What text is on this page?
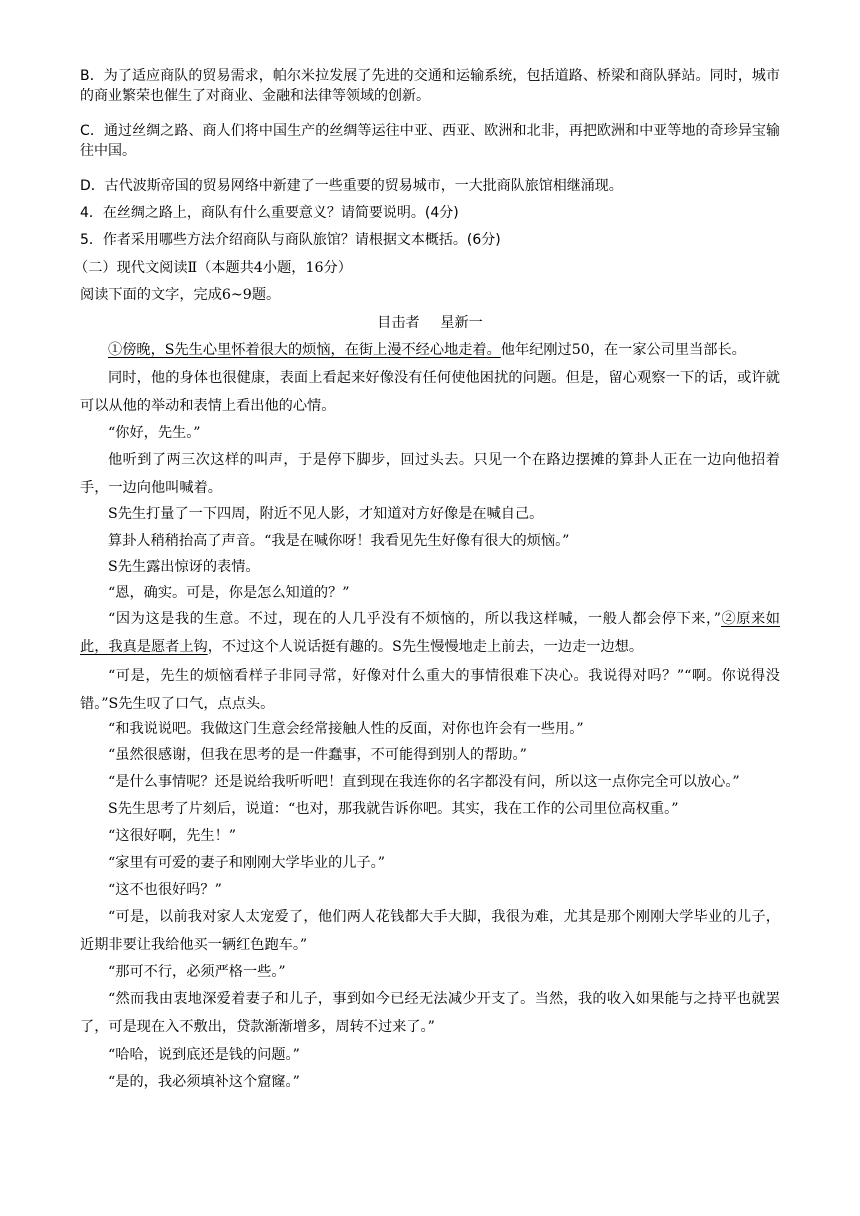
B．为了适应商队的贸易需求，帕尔米拉发展了先进的交通和运输系统，包括道路、桥梁和商队驿站。同时，城市的商业繁荣也催生了对商业、金融和法律等领域的创新。

C．通过丝绸之路、商人们将中国生产的丝绸等运往中亚、西亚、欧洲和北非，再把欧洲和中亚等地的奇珍异宝输往中国。

D．古代波斯帝国的贸易网络中新建了一些重要的贸易城市，一大批商队旅馆相继涌现。

4．在丝绸之路上，商队有什么重要意义？请简要说明。(4分)

5．作者采用哪些方法介绍商队与商队旅馆？请根据文本概括。(6分)

（二）现代文阅读Ⅱ（本题共4小题，16分）

阅读下面的文字，完成6~9题。

目击者 星新一

①傍晚，S先生心里怀着很大的烦恼，在街上漫不经心地走着。他年纪刚过50，在一家公司里当部长。

同时，他的身体也很健康，表面上看起来好像没有任何使他困扰的问题。但是，留心观察一下的话，或许就可以从他的举动和表情上看出他的心情。

“你好，先生。”

他听到了两三次这样的叫声，于是停下脚步，回过头去。只见一个在路边摆摊的算卦人正在一边向他招着手，一边向他叫喊着。

S先生打量了一下四周，附近不见人影，才知道对方好像是在喊自己。

算卦人稍稍抬高了声音。“我是在喊你呀！我看见先生好像有很大的烦恼。”

S先生露出惊讶的表情。

“恩，确实。可是，你是怎么知道的？”

“因为这是我的生意。不过，现在的人几乎没有不烦恼的，所以我这样喊，一般人都会停下来，”②原来如此，我真是愿者上钩，不过这个人说话挺有趣的。S先生慢慢地走上前去，一边走一边想。

“可是，先生的烦恼看样子非同寻常，好像对什么重大的事情很难下决心。我说得对吗？”“啊。你说得没错。”S先生叹了口气，点点头。

“和我说说吧。我做这门生意会经常接触人性的反面，对你也许会有一些用。”

“虽然很感谢，但我在思考的是一件蠢事，不可能得到别人的帮助。”

“是什么事情呢？还是说给我听听吧！直到现在我连你的名字都没有问，所以这一点你完全可以放心。”

S先生思考了片刻后，说道：“也对，那我就告诉你吧。其实，我在工作的公司里位高权重。”

“这很好啊，先生！”

“家里有可爱的妻子和刚刚大学毕业的儿子。”

“这不也很好吗？”

“可是，以前我对家人太宠爱了，他们两人花钱都大手大脚，我很为难，尤其是那个刚刚大学毕业的儿子，近期非要让我给他买一辆红色跑车。”

“那可不行，必须严格一些。”

“然而我由衷地深爱着妻子和儿子，事到如今已经无法减少开支了。当然，我的收入如果能与之持平也就罢了，可是现在入不敷出，贷款渐渐增多，周转不过来了。”

“哈哈，说到底还是钱的问题。”

“是的，我必须填补这个窟窿。”
